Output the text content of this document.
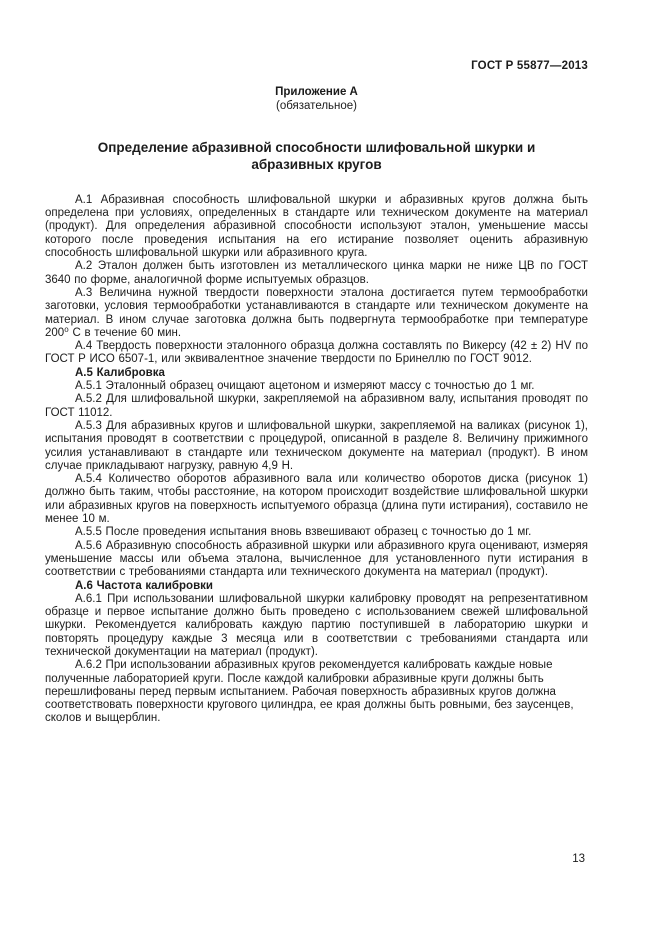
ГОСТ Р 55877—2013
Приложение А
(обязательное)
Определение абразивной способности шлифовальной шкурки и абразивных кругов

А.1 Абразивная способность шлифовальной шкурки и абразивных кругов должна быть определена при условиях, определенных в стандарте или техническом документе на материал (продукт). Для определения абразивной способности используют эталон, уменьшение массы которого после проведения испытания на его истирание позволяет оценить абразивную способность шлифовальной шкурки или абразивного круга.

А.2 Эталон должен быть изготовлен из металлического цинка марки не ниже ЦВ по ГОСТ 3640 по форме, аналогичной форме испытуемых образцов.

А.3 Величина нужной твердости поверхности эталона достигается путем термообработки заготовки, условия термообработки устанавливаются в стандарте или техническом документе на материал. В ином случае заготовка должна быть подвергнута термообработке при температуре 200⁰ С в течение 60 мин.

А.4 Твердость поверхности эталонного образца должна составлять по Викерсу (42 ± 2) HV по ГОСТ Р ИСО 6507-1, или эквивалентное значение твердости по Бринеллю по ГОСТ 9012.

А.5 Калибровка

А.5.1 Эталонный образец очищают ацетоном и измеряют массу с точностью до 1 мг.

А.5.2 Для шлифовальной шкурки, закрепляемой на абразивном валу, испытания проводят по ГОСТ 11012.

А.5.3 Для абразивных кругов и шлифовальной шкурки, закрепляемой на валиках (рисунок 1), испытания проводят в соответствии с процедурой, описанной в разделе 8. Величину прижимного усилия устанавливают в стандарте или техническом документе на материал (продукт). В ином случае прикладывают нагрузку, равную 4,9 Н.

А.5.4 Количество оборотов абразивного вала или количество оборотов диска (рисунок 1) должно быть таким, чтобы расстояние, на котором происходит воздействие шлифовальной шкурки или абразивных кругов на поверхность испытуемого образца (длина пути истирания), составило не менее 10 м.

А.5.5 После проведения испытания вновь взвешивают образец с точностью до 1 мг.

А.5.6 Абразивную способность абразивной шкурки или абразивного круга оценивают, измеряя уменьшение массы или объема эталона, вычисленное для установленного пути истирания в соответствии с требованиями стандарта или технического документа на материал (продукт).

А.6 Частота калибровки

А.6.1 При использовании шлифовальной шкурки калибровку проводят на репрезентативном образце и первое испытание должно быть проведено с использованием свежей шлифовальной шкурки. Рекомендуется калибровать каждую партию поступившей в лабораторию шкурки и повторять процедуру каждые 3 месяца или в соответствии с требованиями стандарта или технической документации на материал (продукт).

А.6.2 При использовании абразивных кругов рекомендуется калибровать каждые новые полученные лабораторией круги. После каждой калибровки абразивные круги должны быть перешлифованы перед первым испытанием. Рабочая поверхность абразивных кругов должна соответствовать поверхности кругового цилиндра, ее края должны быть ровными, без заусенцев, сколов и выщерблин.

13
